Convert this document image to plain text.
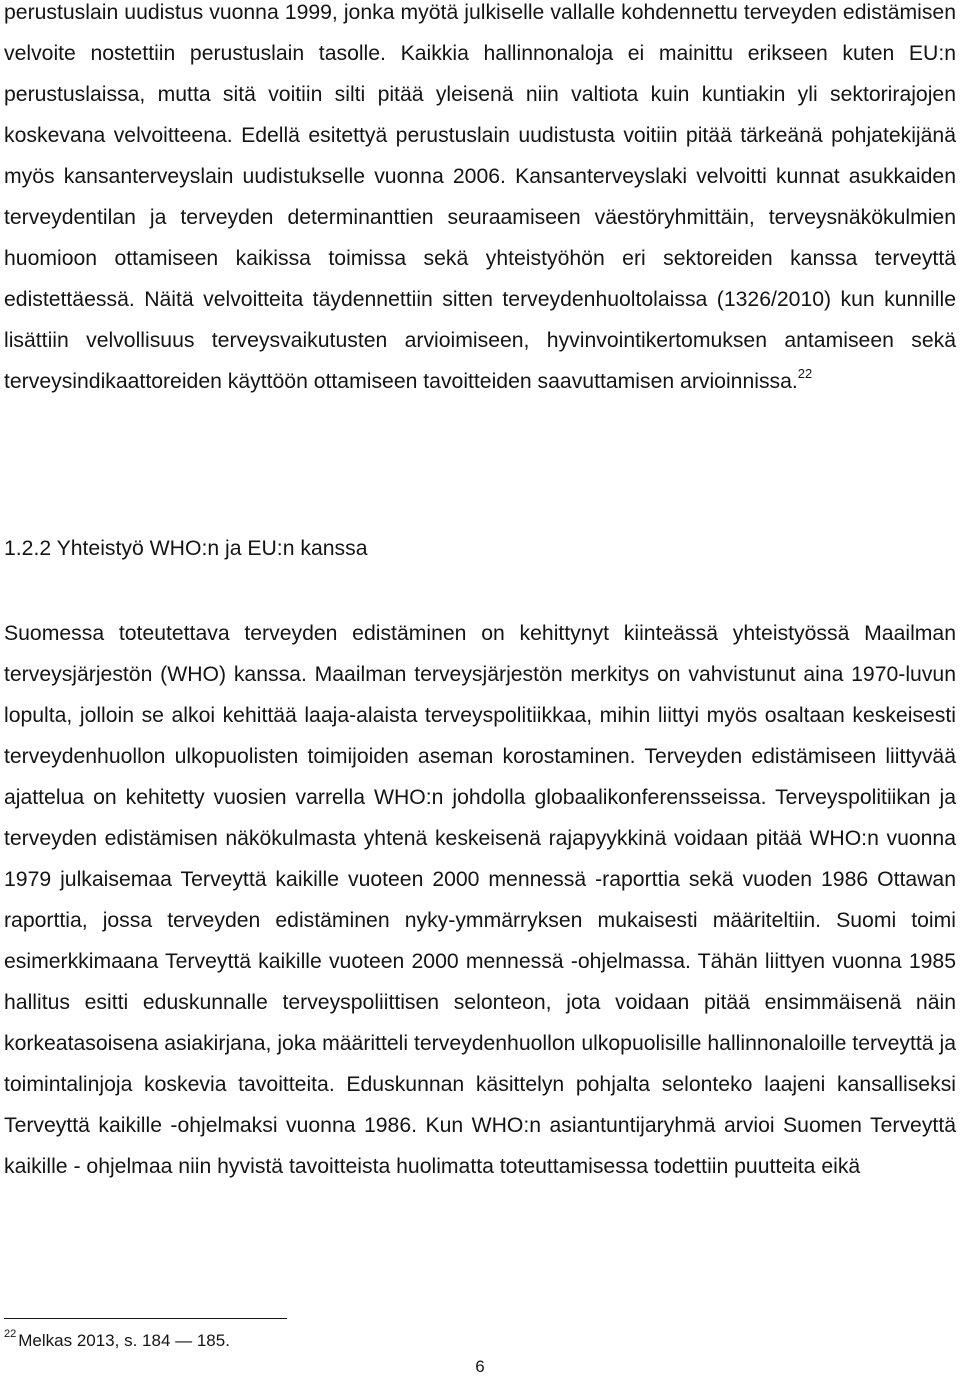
perustuslain uudistus vuonna 1999, jonka myötä julkiselle vallalle kohdennettu terveyden edistämisen velvoite nostettiin perustuslain tasolle. Kaikkia hallinnonaloja ei mainittu erikseen kuten EU:n perustuslaissa, mutta sitä voitiin silti pitää yleisenä niin valtiota kuin kuntiakin yli sektorirajojen koskevana velvoitteena. Edellä esitettyä perustuslain uudistusta voitiin pitää tärkeänä pohjatekijänä myös kansanterveyslain uudistukselle vuonna 2006. Kansanterveyslaki velvoitti kunnat asukkaiden terveydentilan ja terveyden determinanttien seuraamiseen väestöryhmittäin, terveysnäkökulmien huomioon ottamiseen kaikissa toimissa sekä yhteistyöhön eri sektoreiden kanssa terveyttä edistettäessä. Näitä velvoitteita täydennettiin sitten terveydenhuoltolaissa (1326/2010) kun kunnille lisättiin velvollisuus terveysvaikutusten arvioimiseen, hyvinvointikertomuksen antamiseen sekä terveysindikaattoreiden käyttöön ottamiseen tavoitteiden saavuttamisen arvioinnissa.$^{22}$

1.2.2 Yhteistyö WHO:n ja EU:n kanssa

Suomessa toteutettava terveyden edistäminen on kehittynyt kiinteässä yhteistyössä Maailman terveysjärjestön (WHO) kanssa. Maailman terveysjärjestön merkitys on vahvistunut aina 1970-luvun lopulta, jolloin se alkoi kehittää laaja-alaista terveyspolitiikkaa, mihin liittyi myös osaltaan keskeisesti terveydenhuollon ulkopuolisten toimijoiden aseman korostaminen. Terveyden edistämiseen liittyvää ajattelua on kehitetty vuosien varrella WHO:n johdolla globaalikonferensseissa. Terveyspolitiikan ja terveyden edistämisen näkökulmasta yhtenä keskeisenä rajapyykkinä voidaan pitää WHO:n vuonna 1979 julkaisemaa Terveyttä kaikille vuoteen 2000 mennessä -raporttia sekä vuoden 1986 Ottawan raporttia, jossa terveyden edistäminen nyky-ymmärryksen mukaisesti määriteltiin. Suomi toimi esimerkkimaana Terveyttä kaikille vuoteen 2000 mennessä -ohjelmassa. Tähän liittyen vuonna 1985 hallitus esitti eduskunnalle terveyspoliittisen selonteon, jota voidaan pitää ensimmäisenä näin korkeatasoisena asiakirjana, joka määritteli terveydenhuollon ulkopuolisille hallinnonaloille terveyttä ja toimintalinjoja koskevia tavoitteita. Eduskunnan käsittelyn pohjalta selonteko laajeni kansalliseksi Terveyttä kaikille -ohjelmaksi vuonna 1986. Kun WHO:n asiantuntijaryhmä arvioi Suomen Terveyttä kaikille - ohjelmaa niin hyvistä tavoitteista huolimatta toteuttamisessa todettiin puutteita eikä

$^{22}$ Melkas 2013, s. 184 — 185.

6
